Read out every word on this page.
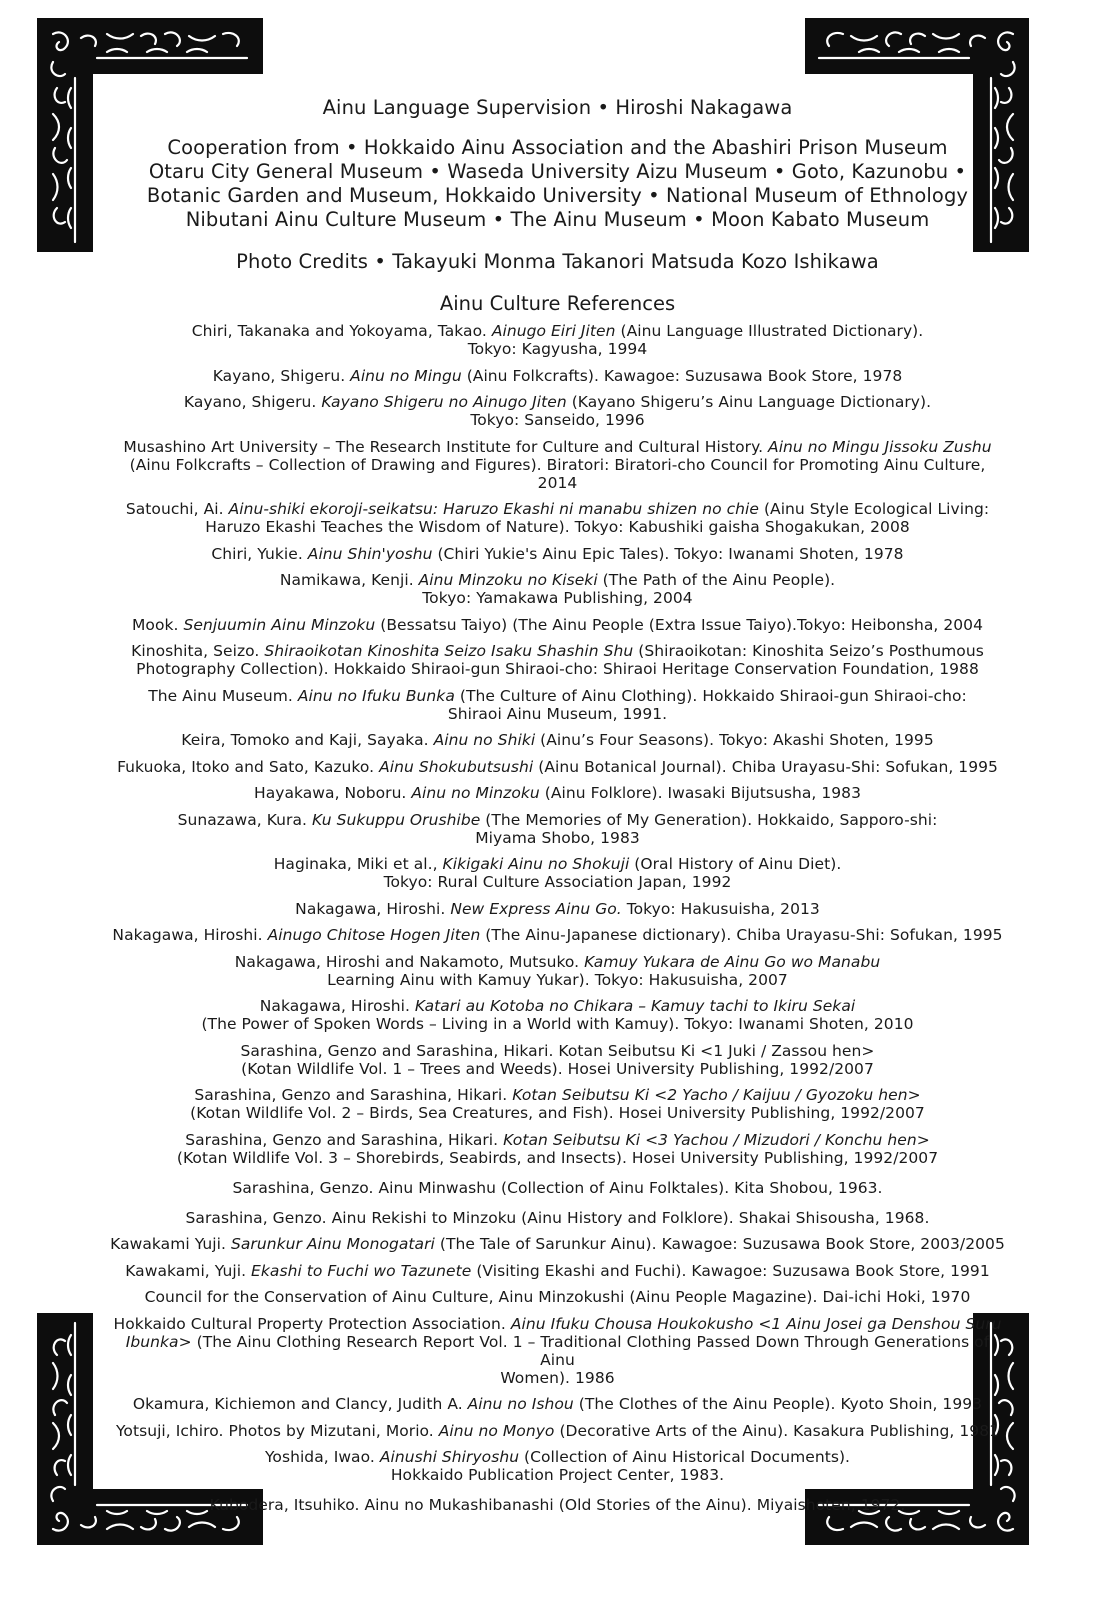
Ainu Language Supervision • Hiroshi Nakagawa

Cooperation from • Hokkaido Ainu Association and the Abashiri Prison Museum

Otaru City General Museum • Waseda University Aizu Museum • Goto, Kazunobu •

Botanic Garden and Museum, Hokkaido University • National Museum of Ethnology

Nibutani Ainu Culture Museum • The Ainu Museum • Moon Kabato Museum

Photo Credits • Takayuki Monma Takanori Matsuda Kozo Ishikawa

Ainu Culture References

Chiri, Takanaka and Yokoyama, Takao. Ainugo Eiri Jiten (Ainu Language Illustrated Dictionary).
Tokyo: Kagyusha, 1994

Kayano, Shigeru. Ainu no Mingu (Ainu Folkcrafts). Kawagoe: Suzusawa Book Store, 1978

Kayano, Shigeru. Kayano Shigeru no Ainugo Jiten (Kayano Shigeru’s Ainu Language Dictionary).
Tokyo: Sanseido, 1996

Musashino Art University – The Research Institute for Culture and Cultural History. Ainu no Mingu Jissoku Zushu
(Ainu Folkcrafts – Collection of Drawing and Figures). Biratori: Biratori-cho Council for Promoting Ainu Culture, 2014

Satouchi, Ai. Ainu-shiki ekoroji-seikatsu: Haruzo Ekashi ni manabu shizen no chie (Ainu Style Ecological Living:
Haruzo Ekashi Teaches the Wisdom of Nature). Tokyo: Kabushiki gaisha Shogakukan, 2008

Chiri, Yukie. Ainu Shin'yoshu (Chiri Yukie's Ainu Epic Tales). Tokyo: Iwanami Shoten, 1978

Namikawa, Kenji. Ainu Minzoku no Kiseki (The Path of the Ainu People).
Tokyo: Yamakawa Publishing, 2004

Mook. Senjuumin Ainu Minzoku (Bessatsu Taiyo) (The Ainu People (Extra Issue Taiyo).Tokyo: Heibonsha, 2004

Kinoshita, Seizo. Shiraoikotan Kinoshita Seizo Isaku Shashin Shu (Shiraoikotan: Kinoshita Seizo’s Posthumous
Photography Collection). Hokkaido Shiraoi-gun Shiraoi-cho: Shiraoi Heritage Conservation Foundation, 1988

The Ainu Museum. Ainu no Ifuku Bunka (The Culture of Ainu Clothing). Hokkaido Shiraoi-gun Shiraoi-cho:
Shiraoi Ainu Museum, 1991.

Keira, Tomoko and Kaji, Sayaka. Ainu no Shiki (Ainu’s Four Seasons). Tokyo: Akashi Shoten, 1995

Fukuoka, Itoko and Sato, Kazuko. Ainu Shokubutsushi (Ainu Botanical Journal). Chiba Urayasu-Shi: Sofukan, 1995

Hayakawa, Noboru. Ainu no Minzoku (Ainu Folklore). Iwasaki Bijutsusha, 1983

Sunazawa, Kura. Ku Sukuppu Orushibe (The Memories of My Generation). Hokkaido, Sapporo-shi:
Miyama Shobo, 1983

Haginaka, Miki et al., Kikigaki Ainu no Shokuji (Oral History of Ainu Diet).
Tokyo: Rural Culture Association Japan, 1992

Nakagawa, Hiroshi. New Express Ainu Go. Tokyo: Hakusuisha, 2013

Nakagawa, Hiroshi. Ainugo Chitose Hogen Jiten (The Ainu-Japanese dictionary). Chiba Urayasu-Shi: Sofukan, 1995

Nakagawa, Hiroshi and Nakamoto, Mutsuko. Kamuy Yukara de Ainu Go wo Manabu
Learning Ainu with Kamuy Yukar). Tokyo: Hakusuisha, 2007

Nakagawa, Hiroshi. Katari au Kotoba no Chikara – Kamuy tachi to Ikiru Sekai
(The Power of Spoken Words – Living in a World with Kamuy). Tokyo: Iwanami Shoten, 2010

Sarashina, Genzo and Sarashina, Hikari. Kotan Seibutsu Ki <1 Juki / Zassou hen>
(Kotan Wildlife Vol. 1 – Trees and Weeds). Hosei University Publishing, 1992/2007

Sarashina, Genzo and Sarashina, Hikari. Kotan Seibutsu Ki <2 Yacho / Kaijuu / Gyozoku hen>
(Kotan Wildlife Vol. 2 – Birds, Sea Creatures, and Fish). Hosei University Publishing, 1992/2007

Sarashina, Genzo and Sarashina, Hikari. Kotan Seibutsu Ki <3 Yachou / Mizudori / Konchu hen>
(Kotan Wildlife Vol. 3 – Shorebirds, Seabirds, and Insects). Hosei University Publishing, 1992/2007

Sarashina, Genzo. Ainu Minwashu (Collection of Ainu Folktales). Kita Shobou, 1963.

Sarashina, Genzo. Ainu Rekishi to Minzoku (Ainu History and Folklore). Shakai Shisousha, 1968.

Kawakami Yuji. Sarunkur Ainu Monogatari (The Tale of Sarunkur Ainu). Kawagoe: Suzusawa Book Store, 2003/2005

Kawakami, Yuji. Ekashi to Fuchi wo Tazunete (Visiting Ekashi and Fuchi). Kawagoe: Suzusawa Book Store, 1991

Council for the Conservation of Ainu Culture, Ainu Minzokushi (Ainu People Magazine). Dai-ichi Hoki, 1970

Hokkaido Cultural Property Protection Association. Ainu Ifuku Chousa Houkokusho <1 Ainu Josei ga Denshou Suru
Ibunka> (The Ainu Clothing Research Report Vol. 1 – Traditional Clothing Passed Down Through Generations of Ainu
Women). 1986

Okamura, Kichiemon and Clancy, Judith A. Ainu no Ishou (The Clothes of the Ainu People). Kyoto Shoin, 1993

Yotsuji, Ichiro. Photos by Mizutani, Morio. Ainu no Monyo (Decorative Arts of the Ainu). Kasakura Publishing, 1981

Yoshida, Iwao. Ainushi Shiryoshu (Collection of Ainu Historical Documents).
Hokkaido Publication Project Center, 1983.

Kubodera, Itsuhiko. Ainu no Mukashibanashi (Old Stories of the Ainu). Miyaishoten, 1972.
